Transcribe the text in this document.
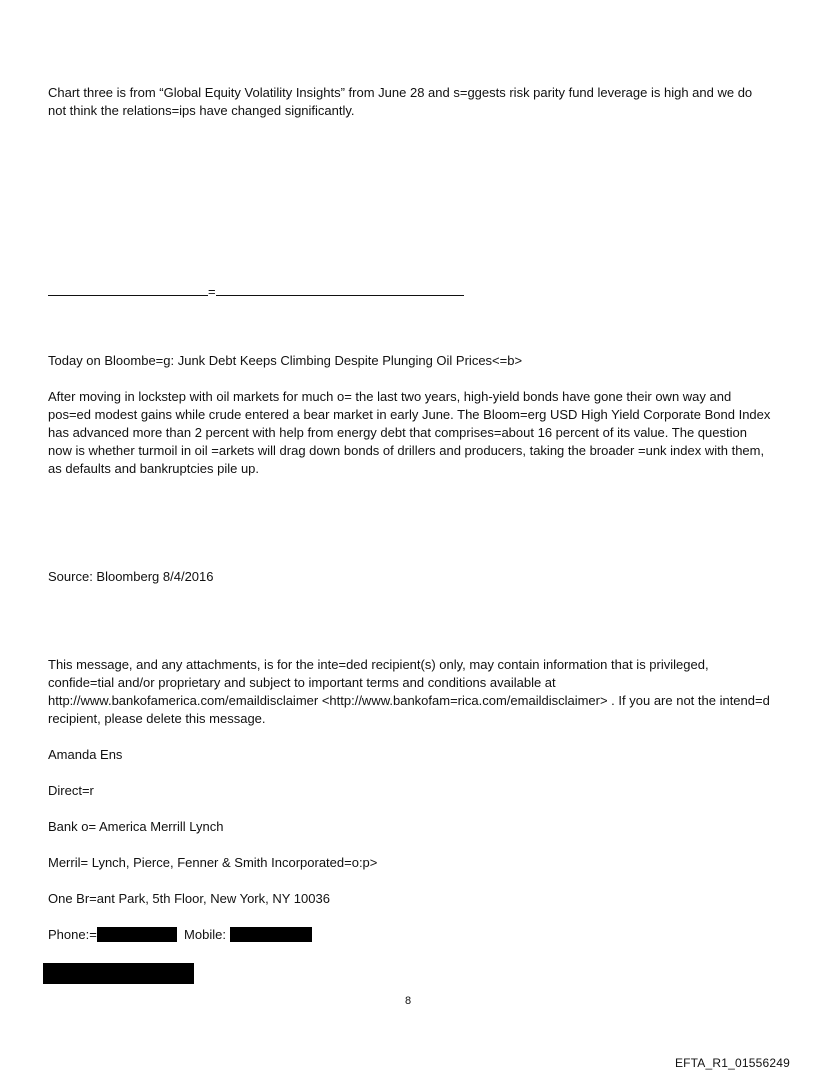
Chart three is from “Global Equity Volatility Insights” from June 28 and s=ggests risk parity fund leverage is high and we do not think the relations=ips have changed significantly.

=

Today on Bloombe=g: Junk Debt Keeps Climbing Despite Plunging Oil Prices<=b>

After moving in lockstep with oil markets for much o= the last two years, high-yield bonds have gone their own way and pos=ed modest gains while crude entered a bear market in early June. The Bloom=erg USD High Yield Corporate Bond Index has advanced more than 2 percent with help from energy debt that comprises=about 16 percent of its value. The question now is whether turmoil in oil =arkets will drag down bonds of drillers and producers, taking the broader =unk index with them, as defaults and bankruptcies pile up.

Source: Bloomberg 8/4/2016

This message, and any attachments, is for the inte=ded recipient(s) only, may contain information that is privileged, confide=tial and/or proprietary and subject to important terms and conditions available at http://www.bankofamerica.com/emaildisclaimer <http://www.bankofam=rica.com/emaildisclaimer> . If you are not the intend=d recipient, please delete this message.

Amanda Ens

Direct=r

Bank o= America Merrill Lynch

Merril= Lynch, Pierce, Fenner & Smith Incorporated=o:p>

One Br=ant Park, 5th Floor, New York, NY 10036

Phone:=	Mobile:

8
EFTA_R1_01556249
